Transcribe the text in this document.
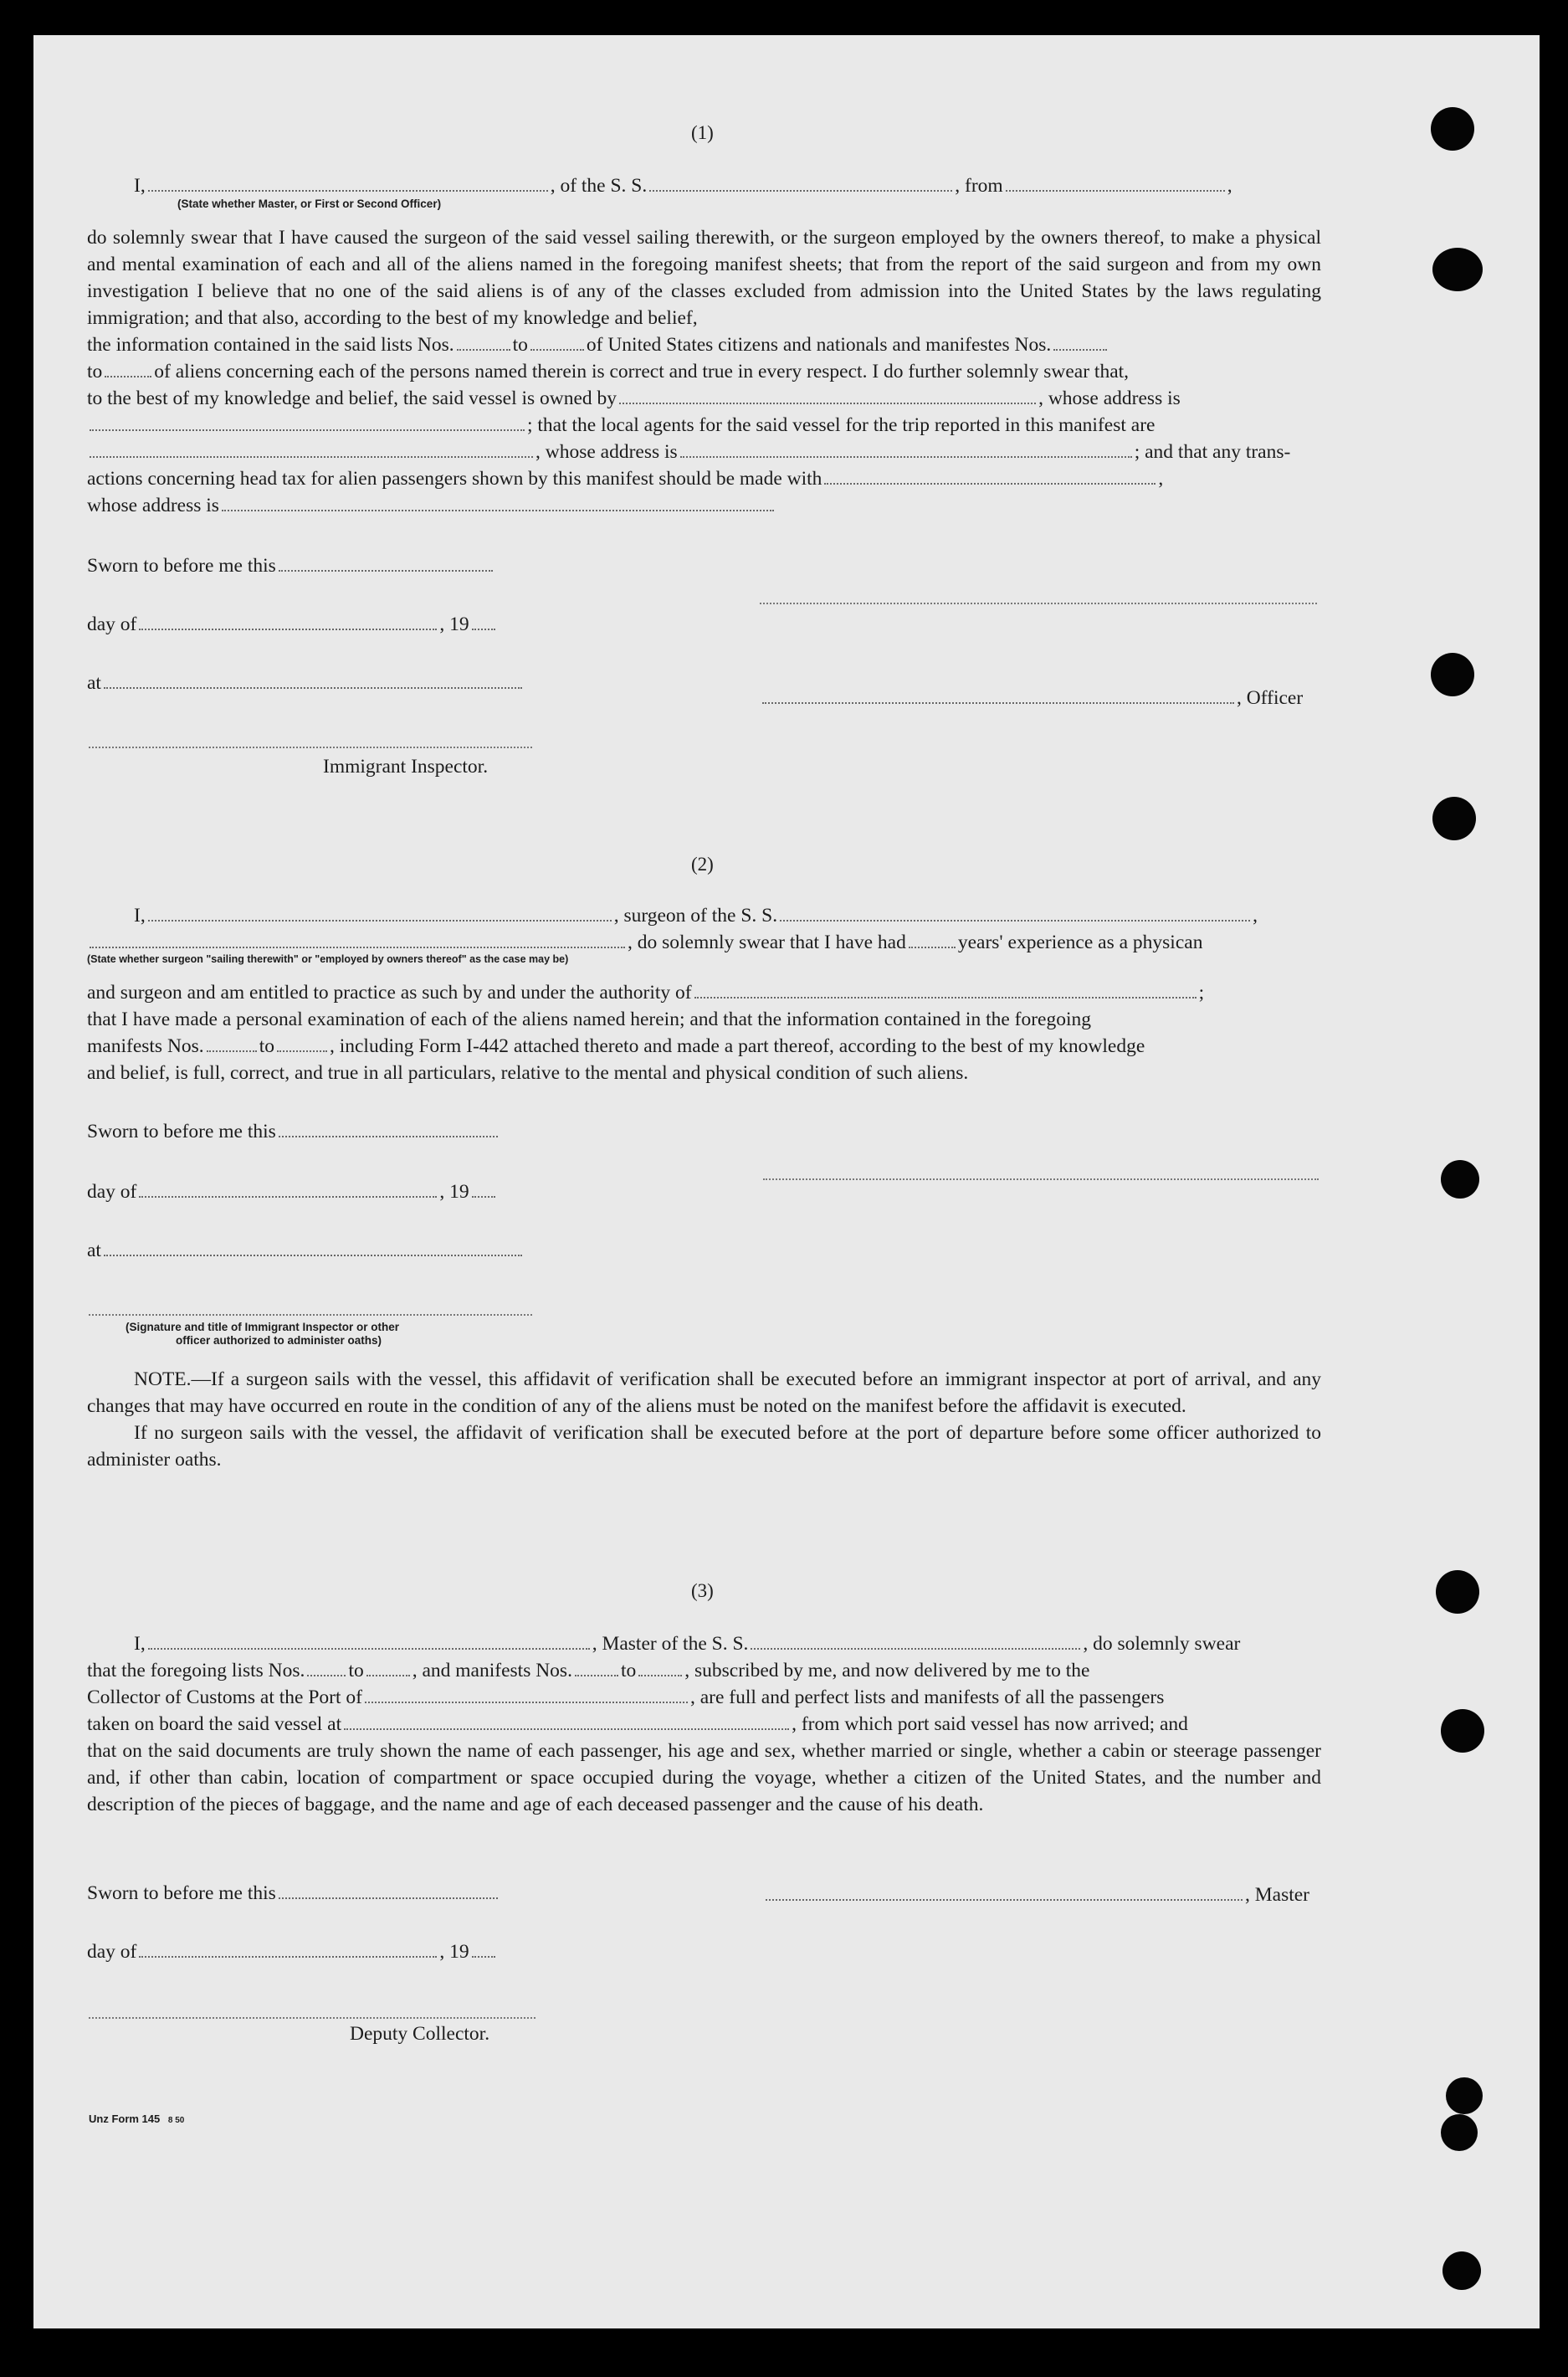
(1)
I,	, of the S. S.	, from	,
(State whether Master, or First or Second Officer)

do solemnly swear that I have caused the surgeon of the said vessel sailing therewith, or the surgeon employed by the owners thereof, to make a physical and mental examination of each and all of the aliens named in the foregoing manifest sheets; that from the report of the said surgeon and from my own investigation I believe that no one of the said aliens is of any of the classes excluded from admission into the United States by the laws regulating immigration; and that also, according to the best of my knowledge and belief,

the information contained in the said lists Nos.	to	of United States citizens and nationals and manifestes Nos.
to	of aliens concerning each of the persons named therein is correct and true in every respect. I do further solemnly swear that,
to the best of my knowledge and belief, the said vessel is owned by	, whose address is
; that the local agents for the said vessel for the trip reported in this manifest are
, whose address is	; and that any trans-
actions concerning head tax for alien passengers shown by this manifest should be made with	,
whose address is
Sworn to before me this
day of	, 19
at
, Officer
Immigrant Inspector.
(2)
I,	, surgeon of the S. S.	,
, do solemnly swear that I have had	years' experience as a physican
(State whether surgeon "sailing therewith" or "employed by owners thereof" as the case may be)
and surgeon and am entitled to practice as such by and under the authority of	;
that I have made a personal examination of each of the aliens named herein; and that the information contained in the foregoing
manifests Nos.	to	, including Form I-442 attached thereto and made a part thereof, according to the best of my knowledge
and belief, is full, correct, and true in all particulars, relative to the mental and physical condition of such aliens.
Sworn to before me this
day of	, 19
at
(Signature and title of Immigrant Inspector or other
officer authorized to administer oaths)

NOTE.—If a surgeon sails with the vessel, this affidavit of verification shall be executed before an immigrant inspector at port of arrival, and any changes that may have occurred en route in the condition of any of the aliens must be noted on the manifest before the affidavit is executed.

If no surgeon sails with the vessel, the affidavit of verification shall be executed before at the port of departure before some officer authorized to administer oaths.

(3)
I,	, Master of the S. S.	, do solemnly swear
that the foregoing lists Nos. to , and manifests Nos. to , subscribed by me, and now delivered by me to the
Collector of Customs at the Port of	, are full and perfect lists and manifests of all the passengers
taken on board the said vessel at	, from which port said vessel has now arrived; and

that on the said documents are truly shown the name of each passenger, his age and sex, whether married or single, whether a cabin or steerage passenger and, if other than cabin, location of compartment or space occupied during the voyage, whether a citizen of the United States, and the number and description of the pieces of baggage, and the name and age of each deceased passenger and the cause of his death.

Sworn to before me this	, Master
day of	, 19
Deputy Collector.
Unz Form 145 8 50
